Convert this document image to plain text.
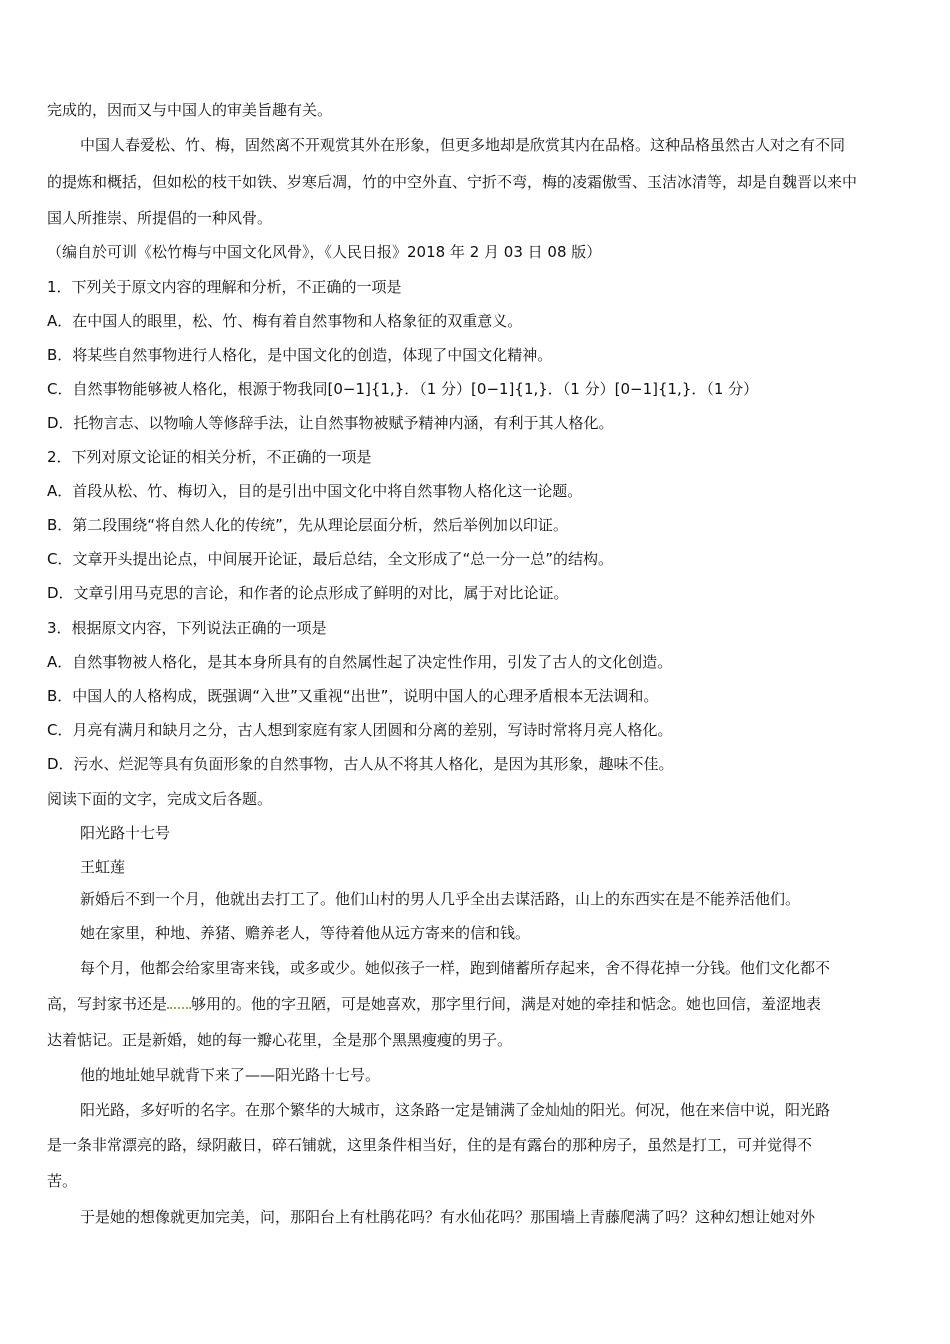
完成的，因而又与中国人的审美旨趣有关。
中国人春爱松、竹、梅，固然离不开观赏其外在形象，但更多地却是欣赏其内在品格。这种品格虽然古人对之有不同
的提炼和概括，但如松的枝干如铁、岁寒后凋，竹的中空外直、宁折不弯，梅的凌霜傲雪、玉洁冰清等，却是自魏晋以来中
国人所推崇、所提倡的一种风骨。
（编自於可训《松竹梅与中国文化风骨》，《人民日报》2018 年 2 月 03 日 08 版）
1．下列关于原文内容的理解和分析，不正确的一项是
A．在中国人的眼里，松、竹、梅有着自然事物和人格象征的双重意义。
B．将某些自然事物进行人格化，是中国文化的创造，体现了中国文化精神。
C．自然事物能够被人格化，根源于物我同[0−1]{1,}．（1 分）[0−1]{1,}．（1 分）[0−1]{1,}．（1 分）
D．托物言志、以物喻人等修辞手法，让自然事物被赋予精神内涵，有利于其人格化。
2．下列对原文论证的相关分析，不正确的一项是
A．首段从松、竹、梅切入，目的是引出中国文化中将自然事物人格化这一论题。
B．第二段围绕“将自然人化的传统”，先从理论层面分析，然后举例加以印证。
C．文章开头提出论点，中间展开论证，最后总结，全文形成了“总一分一总”的结构。
D．文章引用马克思的言论，和作者的论点形成了鲜明的对比，属于对比论证。
3．根据原文内容，下列说法正确的一项是
A．自然事物被人格化，是其本身所具有的自然属性起了决定性作用，引发了古人的文化创造。
B．中国人的人格构成，既强调“入世”又重视“出世”，说明中国人的心理矛盾根本无法调和。
C．月亮有满月和缺月之分，古人想到家庭有家人团圆和分离的差别，写诗时常将月亮人格化。
D．污水、烂泥等具有负面形象的自然事物，古人从不将其人格化，是因为其形象，趣味不佳。
阅读下面的文字，完成文后各题。
阳光路十七号
王虹莲
新婚后不到一个月，他就出去打工了。他们山村的男人几乎全出去谋活路，山上的东西实在是不能养活他们。
她在家里，种地、养猪、赡养老人，等待着他从远方寄来的信和钱。
每个月，他都会给家里寄来钱，或多或少。她似孩子一样，跑到储蓄所存起来，舍不得花掉一分钱。他们文化都不
高，写封家书还是 够用的。他的字丑陋，可是她喜欢，那字里行间，满是对她的牵挂和惦念。她也回信，羞涩地表
达着惦记。正是新婚，她的每一瓣心花里，全是那个黑黑瘦瘦的男子。
他的地址她早就背下来了——阳光路十七号。
阳光路，多好听的名字。在那个繁华的大城市，这条路一定是铺满了金灿灿的阳光。何况，他在来信中说，阳光路
是一条非常漂亮的路，绿阴蔽日，碎石铺就，这里条件相当好，住的是有露台的那种房子，虽然是打工，可并觉得不
苦。
于是她的想像就更加完美，问，那阳台上有杜鹃花吗？有水仙花吗？那围墙上青藤爬满了吗？这种幻想让她对外
